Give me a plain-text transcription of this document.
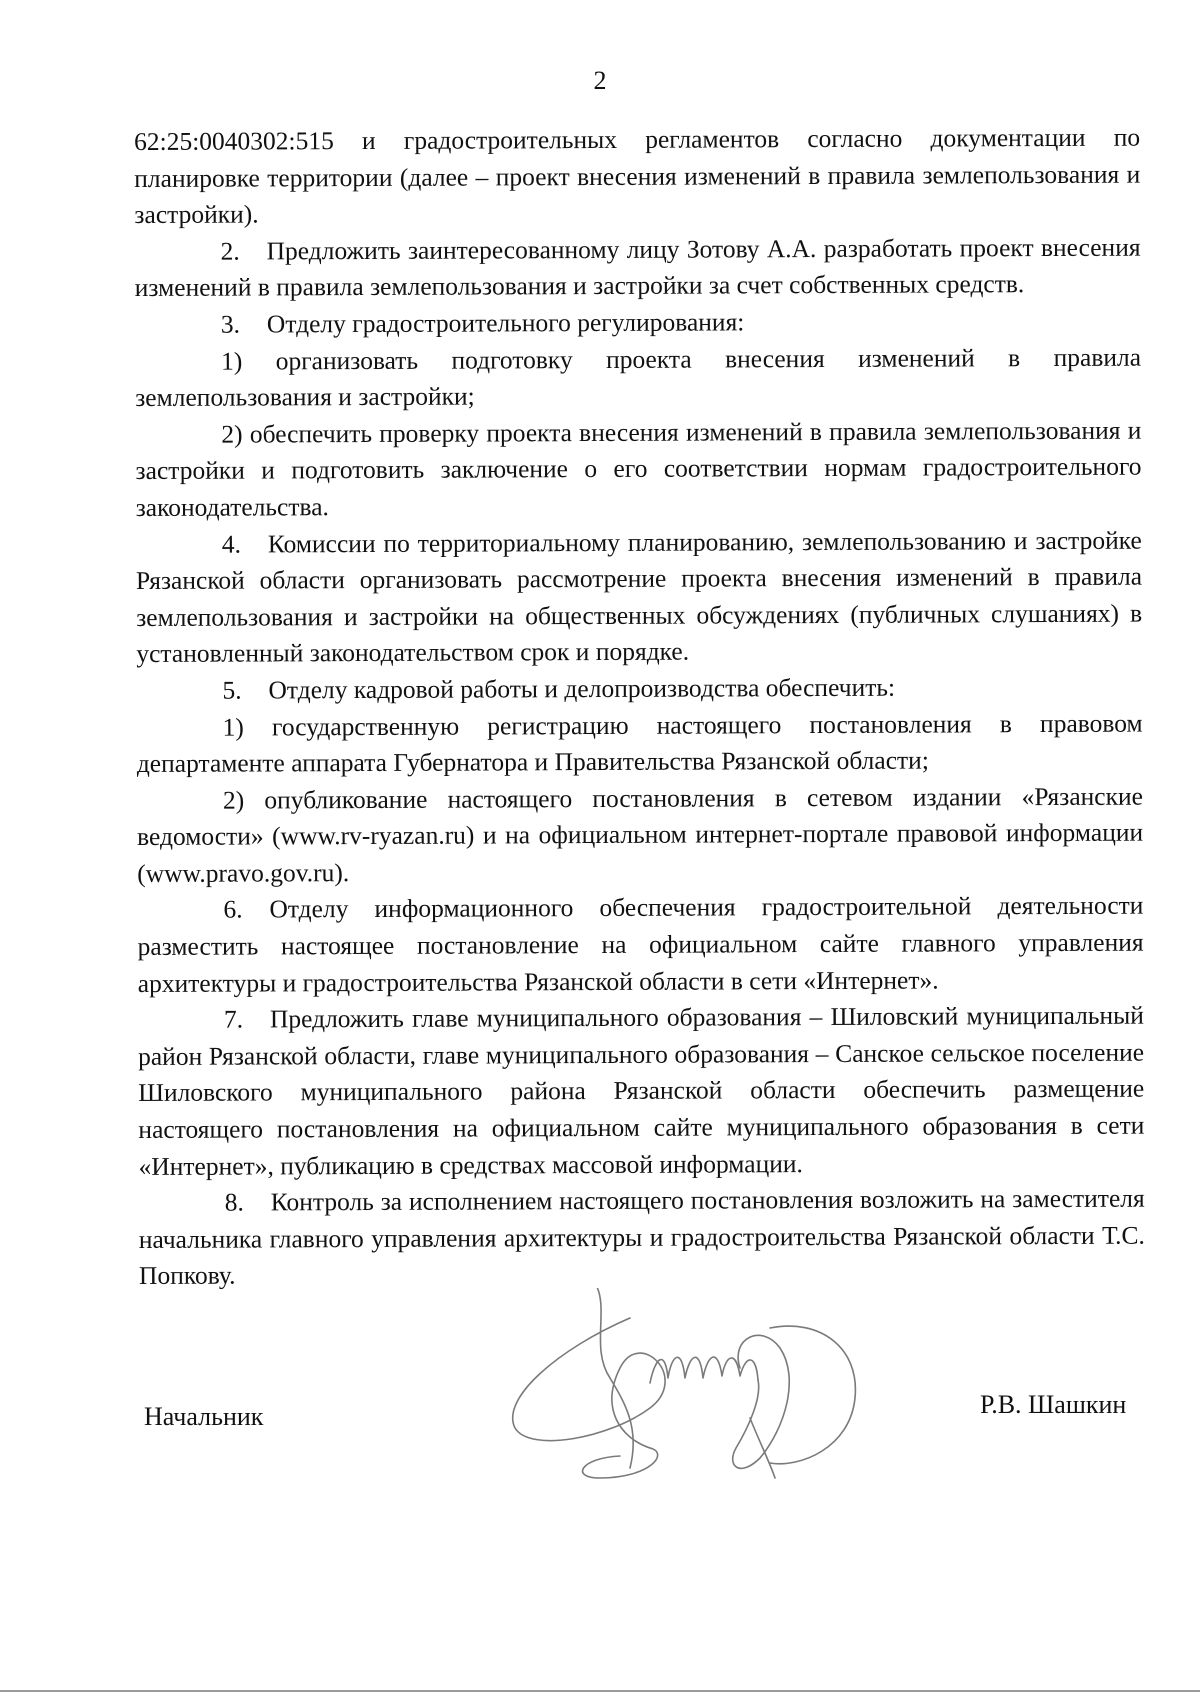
2

62:25:0040302:515 и градостроительных регламентов согласно документации по планировке территории (далее – проект внесения изменений в правила землепользования и застройки).

2. Предложить заинтересованному лицу Зотову А.А. разработать проект внесения изменений в правила землепользования и застройки за счет собственных средств.

3. Отделу градостроительного регулирования:

1) организовать подготовку проекта внесения изменений в правила землепользования и застройки;

2) обеспечить проверку проекта внесения изменений в правила землепользования и застройки и подготовить заключение о его соответствии нормам градостроительного законодательства.

4. Комиссии по территориальному планированию, землепользованию и застройке Рязанской области организовать рассмотрение проекта внесения изменений в правила землепользования и застройки на общественных обсуждениях (публичных слушаниях) в установленный законодательством срок и порядке.

5. Отделу кадровой работы и делопроизводства обеспечить:

1) государственную регистрацию настоящего постановления в правовом департаменте аппарата Губернатора и Правительства Рязанской области;

2) опубликование настоящего постановления в сетевом издании «Рязанские ведомости» (www.rv-ryazan.ru) и на официальном интернет-портале правовой информации (www.pravo.gov.ru).

6. Отделу информационного обеспечения градостроительной деятельности разместить настоящее постановление на официальном сайте главного управления архитектуры и градостроительства Рязанской области в сети «Интернет».

7. Предложить главе муниципального образования – Шиловский муниципальный район Рязанской области, главе муниципального образования – Санское сельское поселение Шиловского муниципального района Рязанской области обеспечить размещение настоящего постановления на официальном сайте муниципального образования в сети «Интернет», публикацию в средствах массовой информации.

8. Контроль за исполнением настоящего постановления возложить на заместителя начальника главного управления архитектуры и градостроительства Рязанской области Т.С. Попкову.

Начальник	Р.В. Шашкин
